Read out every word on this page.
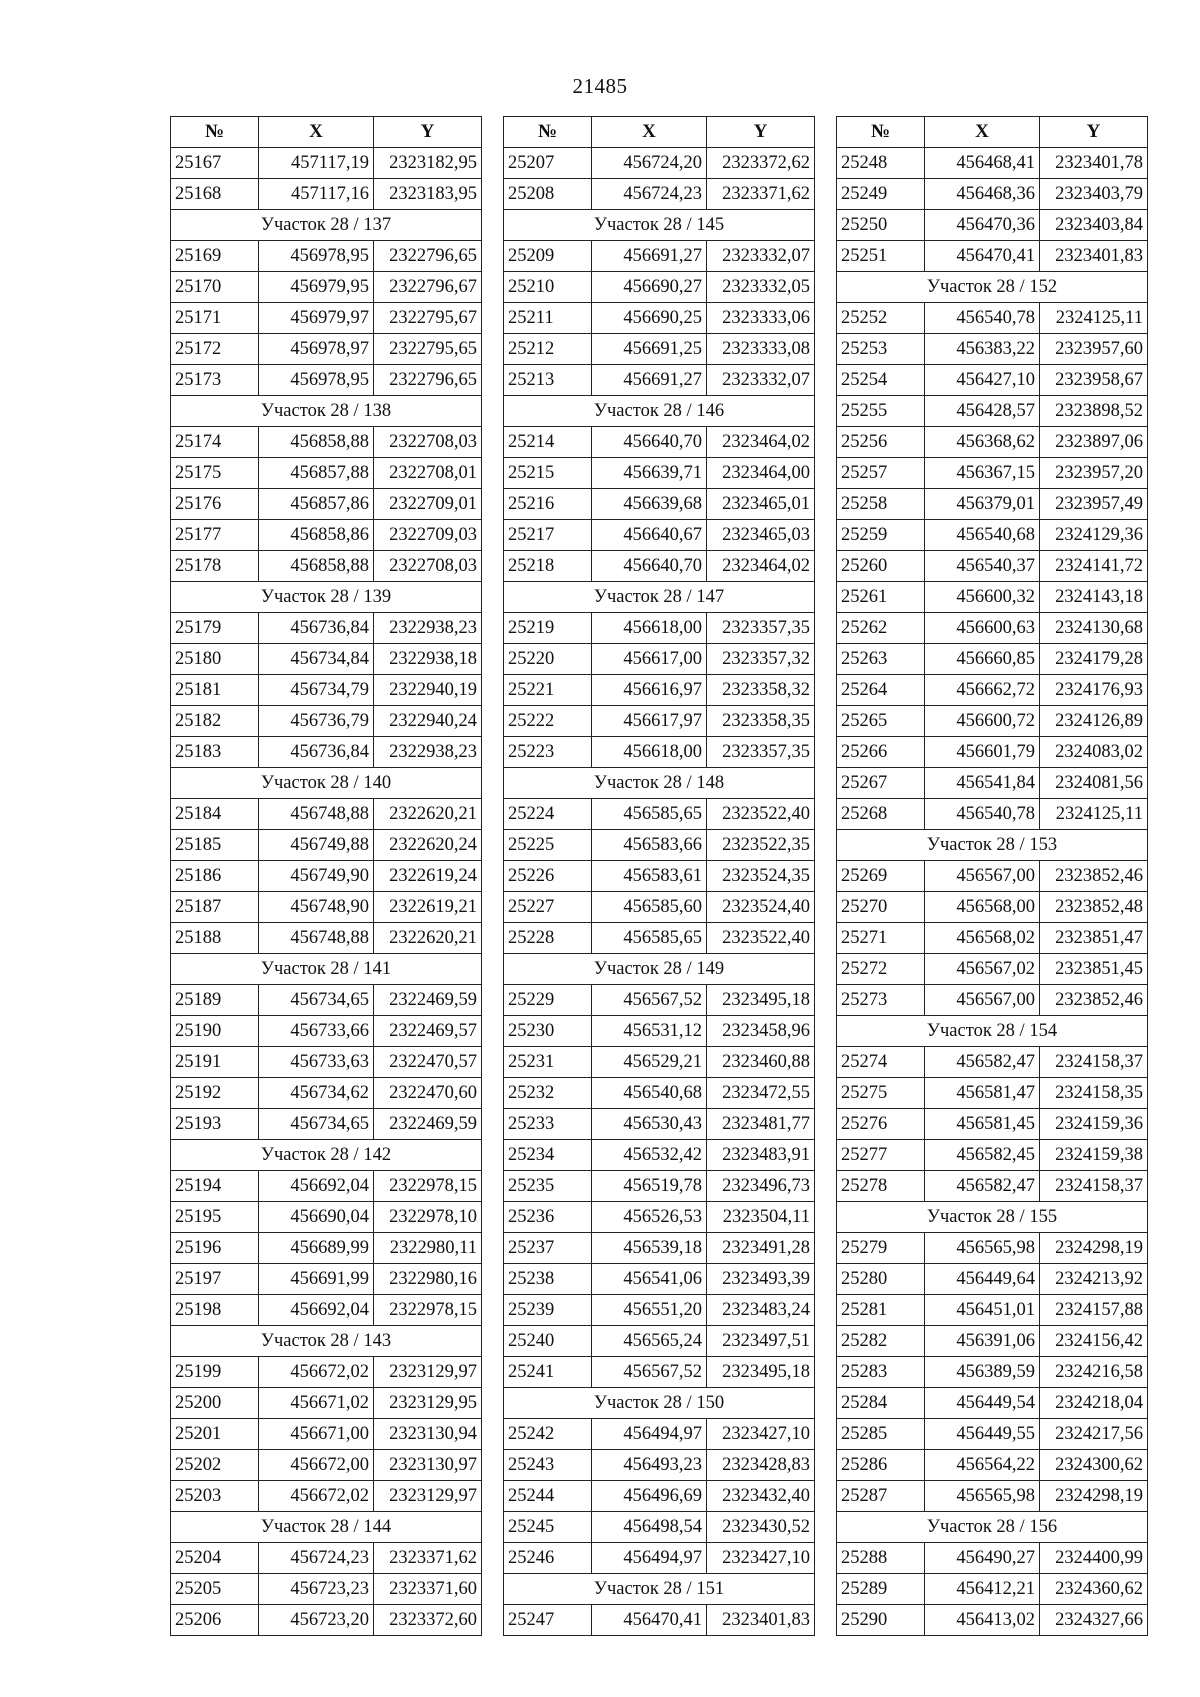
21485
№	X	Y
25167	457117,19	2323182,95
25168	457117,16	2323183,95
Участок 28 / 137		
25169	456978,95	2322796,65
25170	456979,95	2322796,67
25171	456979,97	2322795,67
25172	456978,97	2322795,65
25173	456978,95	2322796,65
Участок 28 / 138		
25174	456858,88	2322708,03
25175	456857,88	2322708,01
25176	456857,86	2322709,01
25177	456858,86	2322709,03
25178	456858,88	2322708,03
Участок 28 / 139		
25179	456736,84	2322938,23
25180	456734,84	2322938,18
25181	456734,79	2322940,19
25182	456736,79	2322940,24
25183	456736,84	2322938,23
Участок 28 / 140		
25184	456748,88	2322620,21
25185	456749,88	2322620,24
25186	456749,90	2322619,24
25187	456748,90	2322619,21
25188	456748,88	2322620,21
Участок 28 / 141		
25189	456734,65	2322469,59
25190	456733,66	2322469,57
25191	456733,63	2322470,57
25192	456734,62	2322470,60
25193	456734,65	2322469,59
Участок 28 / 142		
25194	456692,04	2322978,15
25195	456690,04	2322978,10
25196	456689,99	2322980,11
25197	456691,99	2322980,16
25198	456692,04	2322978,15
Участок 28 / 143		
25199	456672,02	2323129,97
25200	456671,02	2323129,95
25201	456671,00	2323130,94
25202	456672,00	2323130,97
25203	456672,02	2323129,97
Участок 28 / 144		
25204	456724,23	2323371,62
25205	456723,23	2323371,60
25206	456723,20	2323372,60
№	X	Y
25207	456724,20	2323372,62
25208	456724,23	2323371,62
Участок 28 / 145		
25209	456691,27	2323332,07
25210	456690,27	2323332,05
25211	456690,25	2323333,06
25212	456691,25	2323333,08
25213	456691,27	2323332,07
Участок 28 / 146		
25214	456640,70	2323464,02
25215	456639,71	2323464,00
25216	456639,68	2323465,01
25217	456640,67	2323465,03
25218	456640,70	2323464,02
Участок 28 / 147		
25219	456618,00	2323357,35
25220	456617,00	2323357,32
25221	456616,97	2323358,32
25222	456617,97	2323358,35
25223	456618,00	2323357,35
Участок 28 / 148		
25224	456585,65	2323522,40
25225	456583,66	2323522,35
25226	456583,61	2323524,35
25227	456585,60	2323524,40
25228	456585,65	2323522,40
Участок 28 / 149		
25229	456567,52	2323495,18
25230	456531,12	2323458,96
25231	456529,21	2323460,88
25232	456540,68	2323472,55
25233	456530,43	2323481,77
25234	456532,42	2323483,91
25235	456519,78	2323496,73
25236	456526,53	2323504,11
25237	456539,18	2323491,28
25238	456541,06	2323493,39
25239	456551,20	2323483,24
25240	456565,24	2323497,51
25241	456567,52	2323495,18
Участок 28 / 150		
25242	456494,97	2323427,10
25243	456493,23	2323428,83
25244	456496,69	2323432,40
25245	456498,54	2323430,52
25246	456494,97	2323427,10
Участок 28 / 151		
25247	456470,41	2323401,83
№	X	Y
25248	456468,41	2323401,78
25249	456468,36	2323403,79
25250	456470,36	2323403,84
25251	456470,41	2323401,83
Участок 28 / 152		
25252	456540,78	2324125,11
25253	456383,22	2323957,60
25254	456427,10	2323958,67
25255	456428,57	2323898,52
25256	456368,62	2323897,06
25257	456367,15	2323957,20
25258	456379,01	2323957,49
25259	456540,68	2324129,36
25260	456540,37	2324141,72
25261	456600,32	2324143,18
25262	456600,63	2324130,68
25263	456660,85	2324179,28
25264	456662,72	2324176,93
25265	456600,72	2324126,89
25266	456601,79	2324083,02
25267	456541,84	2324081,56
25268	456540,78	2324125,11
Участок 28 / 153		
25269	456567,00	2323852,46
25270	456568,00	2323852,48
25271	456568,02	2323851,47
25272	456567,02	2323851,45
25273	456567,00	2323852,46
Участок 28 / 154		
25274	456582,47	2324158,37
25275	456581,47	2324158,35
25276	456581,45	2324159,36
25277	456582,45	2324159,38
25278	456582,47	2324158,37
Участок 28 / 155		
25279	456565,98	2324298,19
25280	456449,64	2324213,92
25281	456451,01	2324157,88
25282	456391,06	2324156,42
25283	456389,59	2324216,58
25284	456449,54	2324218,04
25285	456449,55	2324217,56
25286	456564,22	2324300,62
25287	456565,98	2324298,19
Участок 28 / 156		
25288	456490,27	2324400,99
25289	456412,21	2324360,62
25290	456413,02	2324327,66
